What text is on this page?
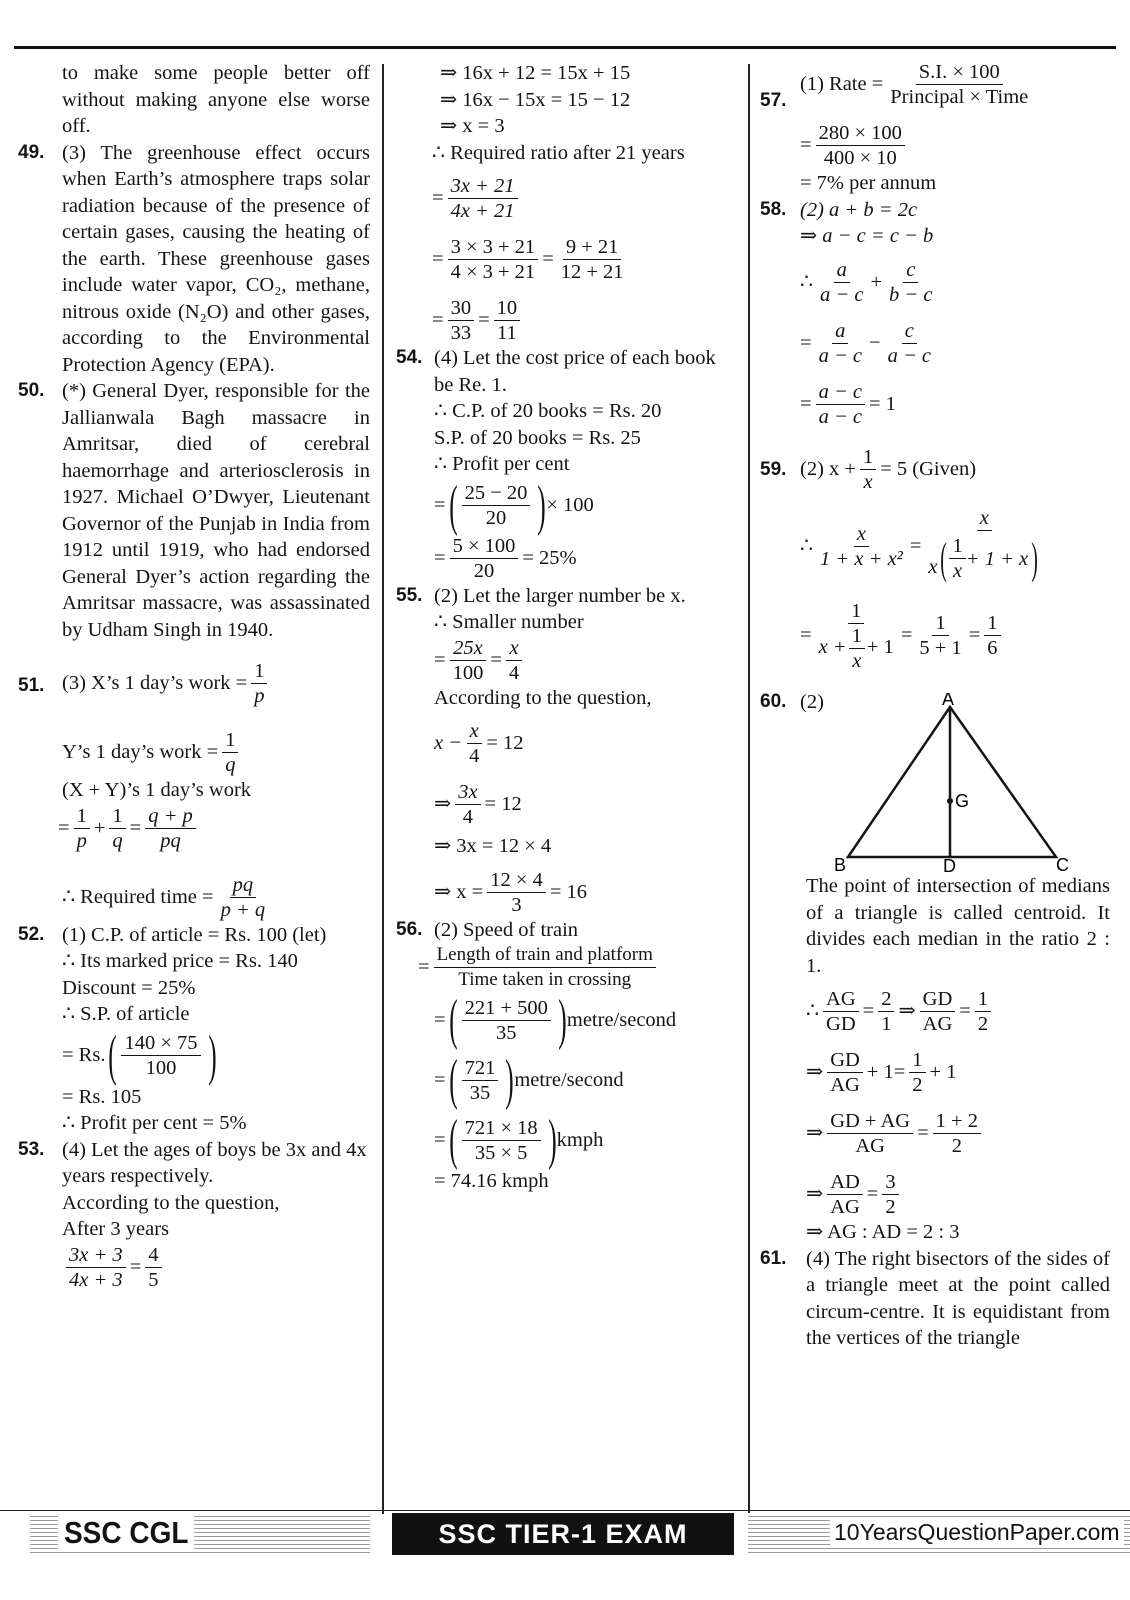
to make some people better off without making anyone else worse off.
49. (3) The greenhouse effect occurs when Earth’s atmosphere traps solar radiation because of the presence of certain gases, causing the heating of the earth. These greenhouse gases include water vapor, CO₂, methane, nitrous oxide (N₂O) and other gases, according to the Environmental Protection Agency (EPA).
50. (*) General Dyer, responsible for the Jallianwala Bagh massacre in Amritsar, died of cerebral haemorrhage and arteriosclerosis in 1927. Michael O’Dwyer, Lieutenant Governor of the Punjab in India from 1912 until 1919, who had endorsed General Dyer’s action regarding the Amritsar massacre, was assassinated by Udham Singh in 1940.
51. (3) X’s 1 day’s work = $\frac{1}{p}$
Y’s 1 day’s work = $\frac{1}{q}$
(X + Y)’s 1 day’s work
= $\frac{1}{p} + \frac{1}{q} = \frac{q + p}{pq}$
∴ Required time = $\frac{pq}{p + q}$
52. (1) C.P. of article = Rs. 100 (let)
∴ Its marked price = Rs. 140
Discount = 25%
∴ S.P. of article
= Rs. ( $\frac{140 \times 75}{100}$ )
= Rs. 105
∴ Profit per cent = 5%
53. (4) Let the ages of boys be 3x and 4x years respectively.
According to the question,
After 3 years
$\frac{3x + 3}{4x + 3} = \frac{4}{5}$
⇒ 16x + 12 = 15x + 15
⇒ 16x − 15x = 15 − 12
⇒ x = 3
∴ Required ratio after 21 years
= $\frac{3x + 21}{4x + 21}$
= $\frac{3 \times 3 + 21}{4 \times 3 + 21} = \frac{9 + 21}{12 + 21}$
= $\frac{30}{33} = \frac{10}{11}$
54. (4) Let the cost price of each book be Re. 1.
∴ C.P. of 20 books = Rs. 20
S.P. of 20 books = Rs. 25
∴ Profit per cent
= ( $\frac{25 - 20}{20}$ ) × 100
= $\frac{5 \times 100}{20} = 25\%$
55. (2) Let the larger number be x.
∴ Smaller number
= $\frac{25x}{100} = \frac{x}{4}$
According to the question,
$x - \frac{x}{4} = 12$
⇒ $\frac{3x}{4} = 12$
⇒ 3x = 12 × 4
⇒ $x = \frac{12 \times 4}{3} = 16$
56. (2) Speed of train
=
Length of train and platform
Time taken in crossing
= ( $\frac{221 + 500}{35}$ ) metre/second
= ( $\frac{721}{35}$ ) metre/second
= ( $\frac{721 \times 18}{35 \times 5}$ ) kmph
= 74.16 kmph
57.
(1) Rate =
S.I. × 100
Principal × Time
= $\frac{280 \times 100}{400 \times 10}$
= 7% per annum
58. (2) a + b = 2c
⇒ a − c = c − b
∴ $\frac{a}{a - c} + \frac{c}{b - c}$
= $\frac{a}{a - c} - \frac{c}{a - c}$
= $\frac{a - c}{a - c} = 1$
59. (2) $x + \frac{1}{x} = 5$ (Given)
∴ $\frac{x}{\text{1 + x + x²}} = \frac{x}{x ( \frac{1}{x} + 1 + x )}$
= $\frac{1}{x + \frac{1}{x} + 1} = \frac{1}{5 + 1} = \frac{1}{6}$
60. (2)	A
B	C
D
G
The point of intersection of medians of a triangle is called centroid. It divides each median in the ratio 2 : 1.
∴ $\frac{AG}{GD} = \frac{2}{1}$ ⇒ $\frac{GD}{AG} = \frac{1}{2}$
⇒ $\frac{GD}{AG} + 1 = \frac{1}{2} + 1$
⇒ $\frac{GD + AG}{AG} = \frac{1 + 2}{2}$
⇒ $\frac{AD}{AG} = \frac{3}{2}$
⇒ AG : AD = 2 : 3
61. (4) The right bisectors of the sides of a triangle meet at the point called circum-centre. It is equidistant from the vertices of the triangle
SSC CGL	SSC TIER-1 EXAM	10YearsQuestionPaper.com
